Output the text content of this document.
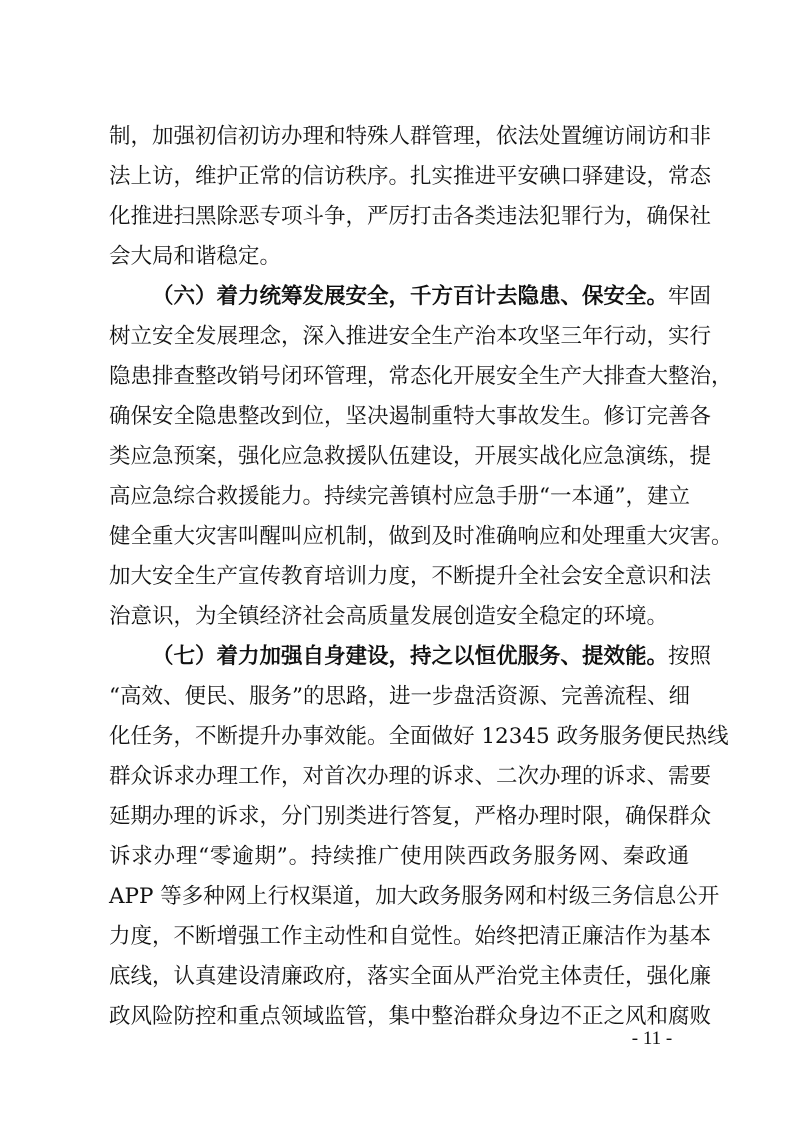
制，加强初信初访办理和特殊人群管理，依法处置缠访闹访和非
法上访，维护正常的信访秩序。扎实推进平安碘口驿建设，常态
化推进扫黑除恶专项斗争，严厉打击各类违法犯罪行为，确保社
会大局和谐稳定。
（六）着力统筹发展安全，千方百计去隐患、保安全。牢固
树立安全发展理念，深入推进安全生产治本攻坚三年行动，实行
隐患排查整改销号闭环管理，常态化开展安全生产大排查大整治，
确保安全隐患整改到位，坚决遏制重特大事故发生。修订完善各
类应急预案，强化应急救援队伍建设，开展实战化应急演练，提
高应急综合救援能力。持续完善镇村应急手册“一本通”，建立
健全重大灾害叫醒叫应机制，做到及时准确响应和处理重大灾害。
加大安全生产宣传教育培训力度，不断提升全社会安全意识和法
治意识，为全镇经济社会高质量发展创造安全稳定的环境。
（七）着力加强自身建设，持之以恒优服务、提效能。按照
“高效、便民、服务”的思路，进一步盘活资源、完善流程、细
化任务，不断提升办事效能。全面做好 12345 政务服务便民热线
群众诉求办理工作，对首次办理的诉求、二次办理的诉求、需要
延期办理的诉求，分门别类进行答复，严格办理时限，确保群众
诉求办理“零逾期”。持续推广使用陕西政务服务网、秦政通
APP 等多种网上行权渠道，加大政务服务网和村级三务信息公开
力度，不断增强工作主动性和自觉性。始终把清正廉洁作为基本
底线，认真建设清廉政府，落实全面从严治党主体责任，强化廉
政风险防控和重点领域监管，集中整治群众身边不正之风和腐败
- 11 -
